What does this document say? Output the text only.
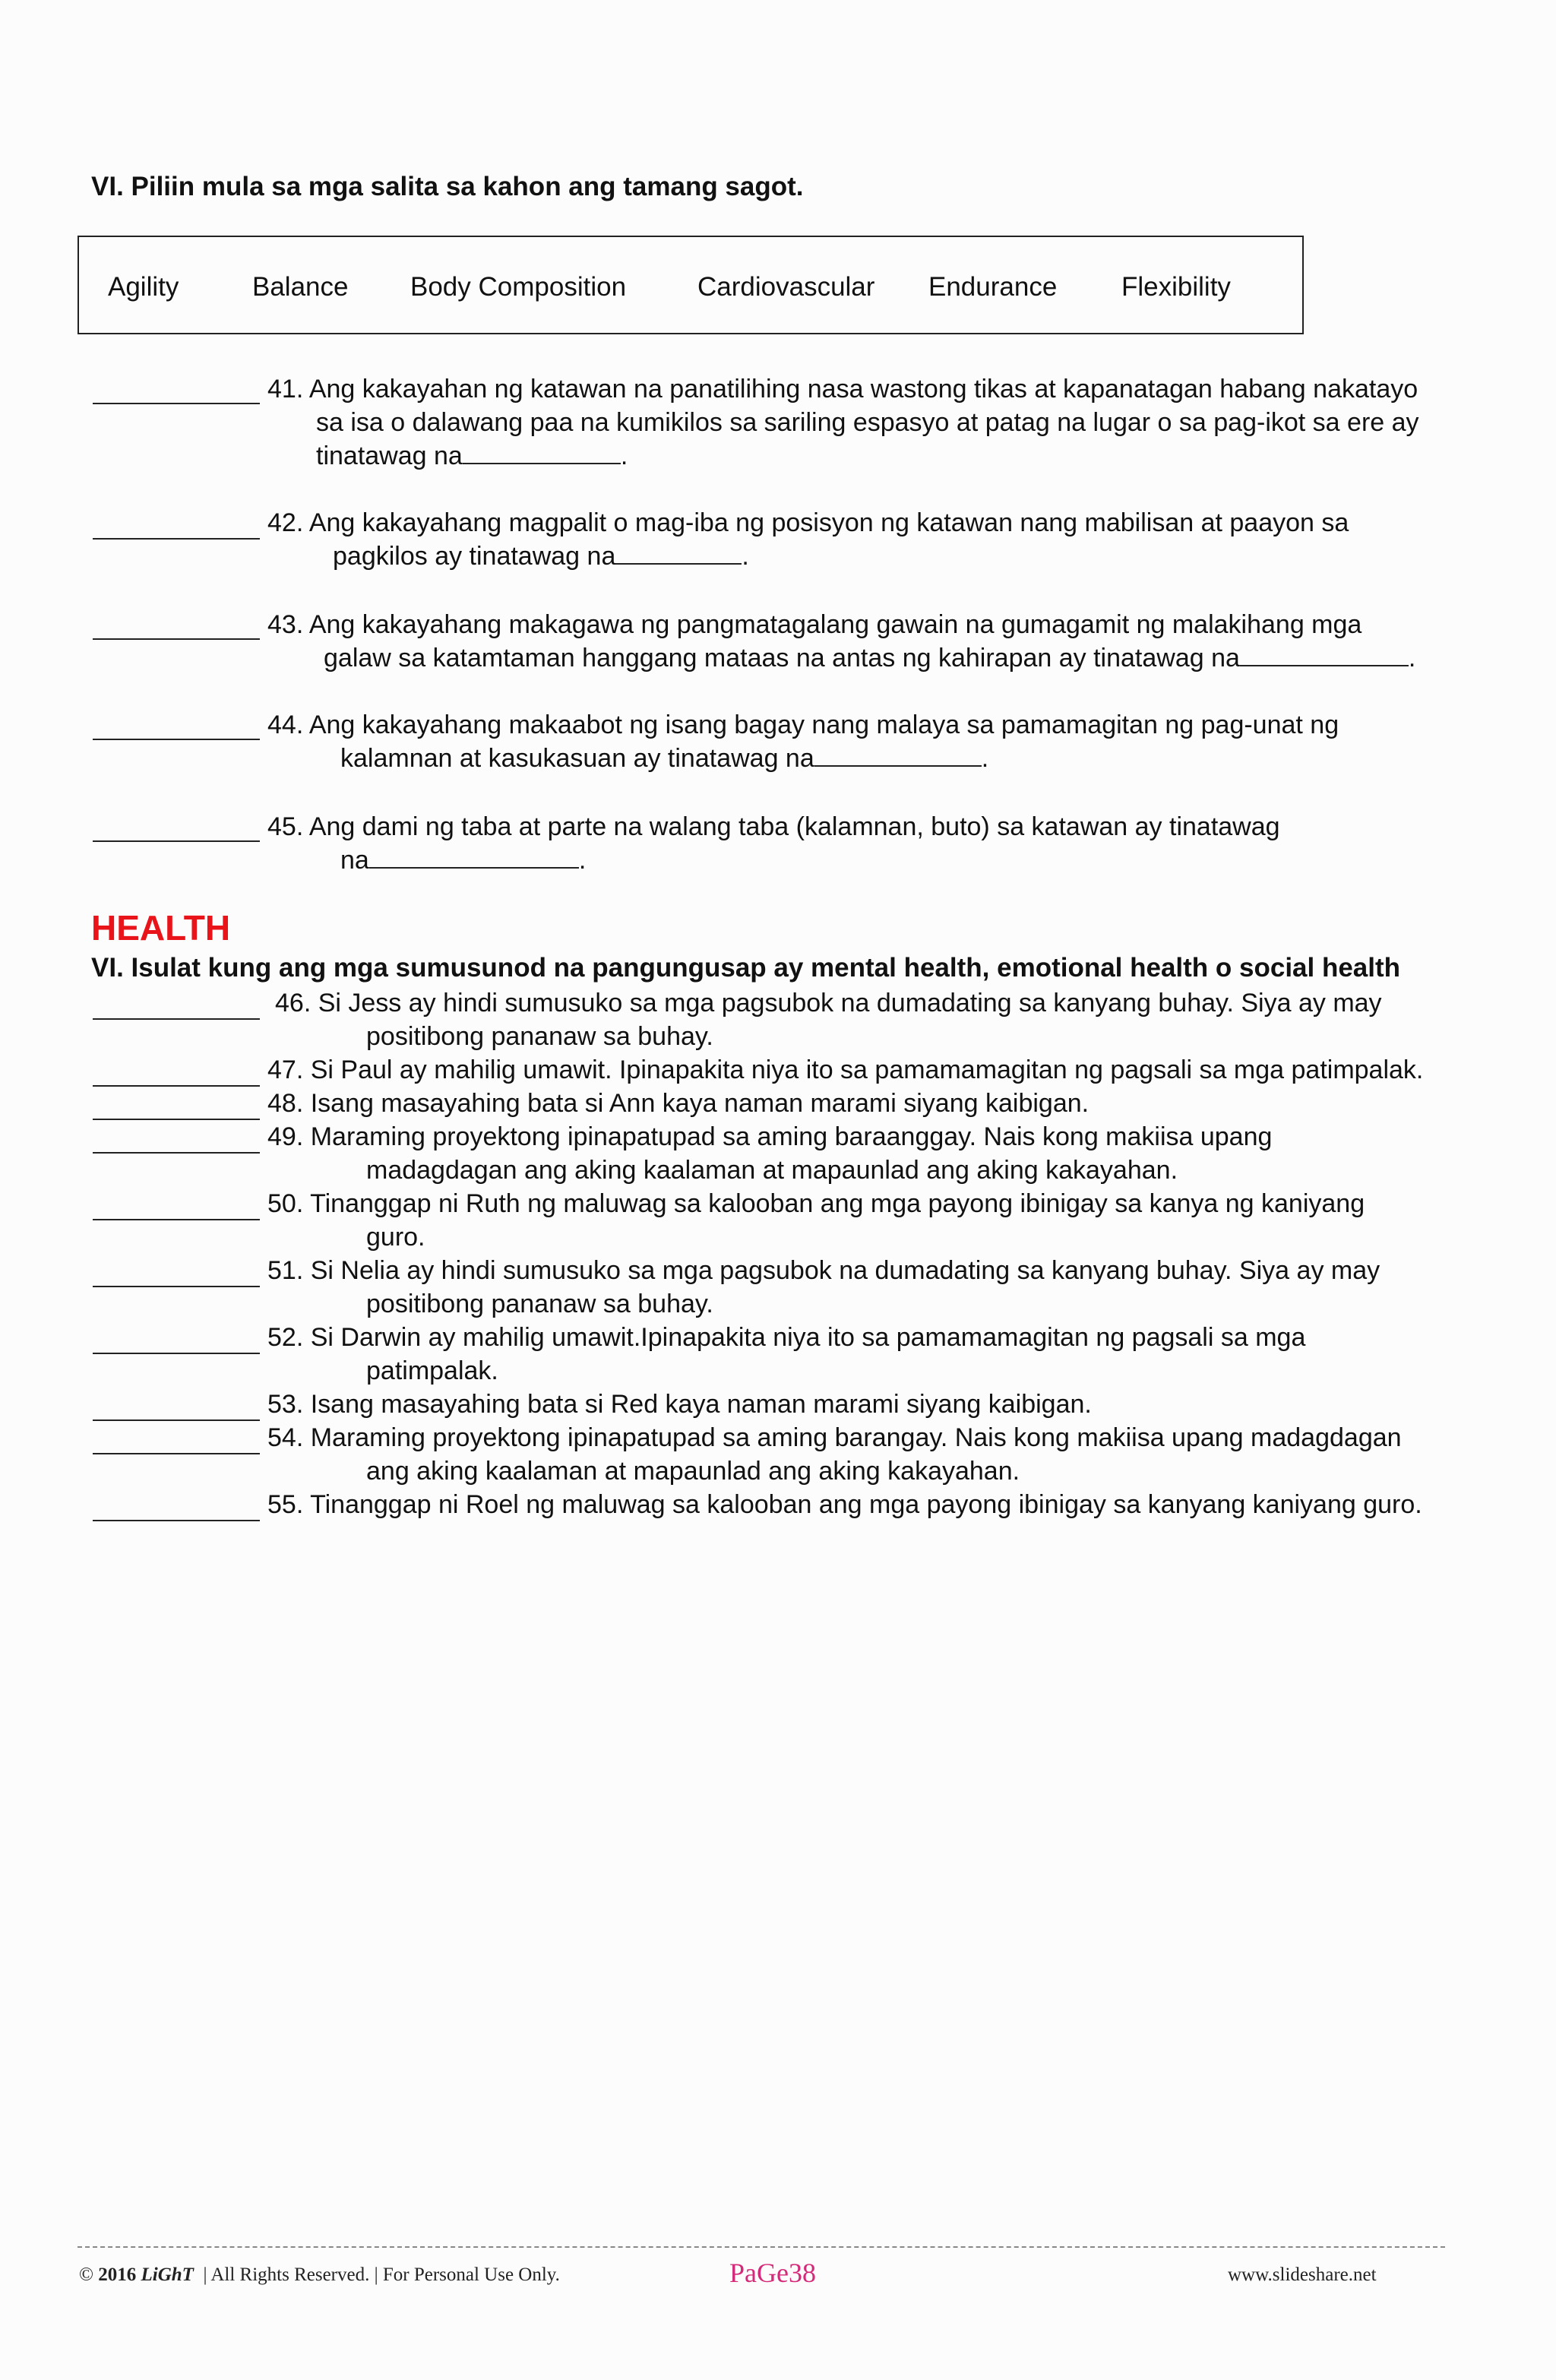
VI. Piliin mula sa mga salita sa kahon ang tamang sagot.
Agility	Balance Body Composition	Cardiovascular Endurance Flexibility
41. Ang kakayahan ng katawan na panatilihing nasa wastong tikas at kapanatagan habang nakatayo
sa isa o dalawang paa na kumikilos sa sariling espasyo at patag na lugar o sa pag-ikot sa ere ay
tinatawag na	.
42. Ang kakayahang magpalit o mag-iba ng posisyon ng katawan nang mabilisan at paayon sa
pagkilos ay tinatawag na	.
43. Ang kakayahang makagawa ng pangmatagalang gawain na gumagamit ng malakihang mga
galaw sa katamtaman hanggang mataas na antas ng kahirapan ay tinatawag na	.
44. Ang kakayahang makaabot ng isang bagay nang malaya sa pamamagitan ng pag-unat ng
kalamnan at kasukasuan ay tinatawag na	.
45. Ang dami ng taba at parte na walang taba (kalamnan, buto) sa katawan ay tinatawag
na	.
HEALTH
VI. Isulat kung ang mga sumusunod na pangungusap ay mental health, emotional health o social health
46. Si Jess ay hindi sumusuko sa mga pagsubok na dumadating sa kanyang buhay. Siya ay may
positibong pananaw sa buhay.
47. Si Paul ay mahilig umawit. Ipinapakita niya ito sa pamamamagitan ng pagsali sa mga patimpalak.
48. Isang masayahing bata si Ann kaya naman marami siyang kaibigan.
49. Maraming proyektong ipinapatupad sa aming baraanggay. Nais kong makiisa upang
madagdagan ang aking kaalaman at mapaunlad ang aking kakayahan.
50. Tinanggap ni Ruth ng maluwag sa kalooban ang mga payong ibinigay sa kanya ng kaniyang
guro.
51. Si Nelia ay hindi sumusuko sa mga pagsubok na dumadating sa kanyang buhay. Siya ay may
positibong pananaw sa buhay.
52. Si Darwin ay mahilig umawit.Ipinapakita niya ito sa pamamamagitan ng pagsali sa mga
patimpalak.
53. Isang masayahing bata si Red kaya naman marami siyang kaibigan.
54. Maraming proyektong ipinapatupad sa aming barangay. Nais kong makiisa upang madagdagan
ang aking kaalaman at mapaunlad ang aking kakayahan.
55. Tinanggap ni Roel ng maluwag sa kalooban ang mga payong ibinigay sa kanyang kaniyang guro.
© 2016 LiGhT | All Rights Reserved. | For Personal Use Only.	PaGe38	www.slideshare.net
